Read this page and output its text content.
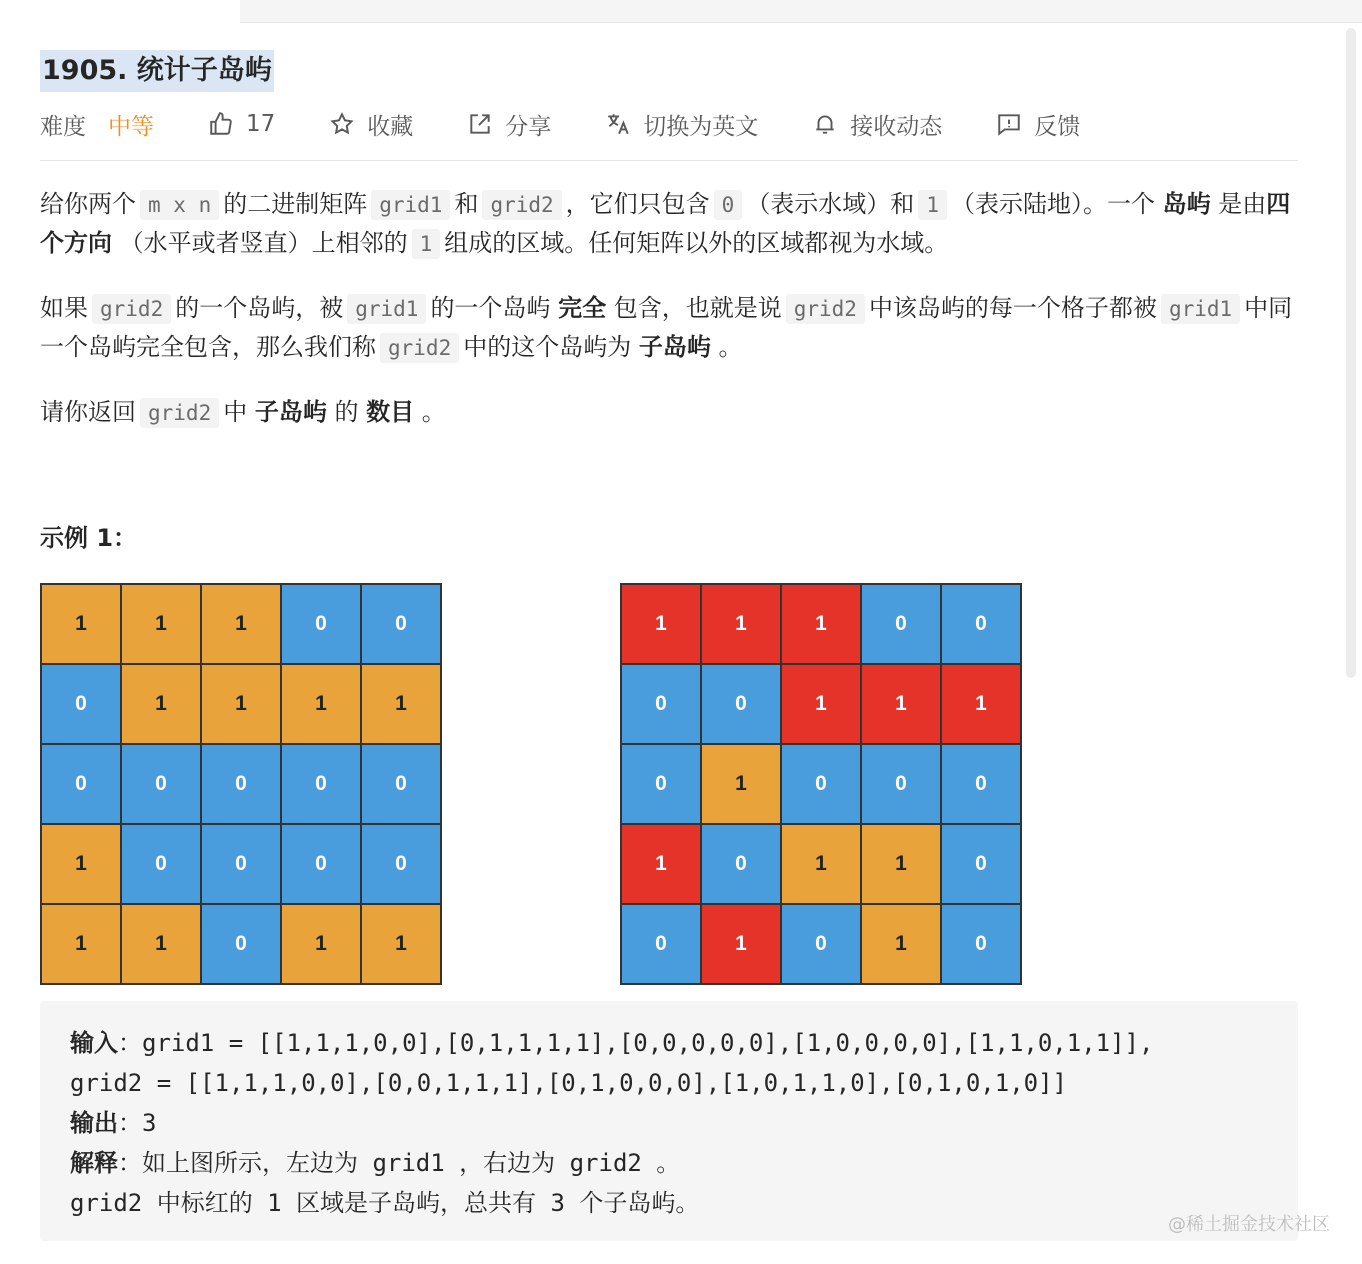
1905. 统计子岛屿
难度 中等	17	收藏	分享	切换为英文	接收动态	反馈

给你两个 m x n 的二进制矩阵 grid1 和 grid2 ，它们只包含 0 （表示水域）和 1 （表示陆地）。一个 岛屿 是由四个方向 （水平或者竖直）上相邻的 1 组成的区域。任何矩阵以外的区域都视为水域。

如果 grid2 的一个岛屿，被 grid1 的一个岛屿 完全 包含，也就是说 grid2 中该岛屿的每一个格子都被 grid1 中同一个岛屿完全包含，那么我们称 grid2 中的这个岛屿为 子岛屿 。

请你返回 grid2 中 子岛屿 的 数目 。

示例 1：
1	1	1	0	0
0	1	1	1	1
0	0	0	0	0
1	0	0	0	0
1	1	0	1	1
1	1	1	0	0
0	0	1	1	1
0	1	0	0	0
1	0	1	1	0
0	1	0	1	0
输入：grid1 = [[1,1,1,0,0],[0,1,1,1,1],[0,0,0,0,0],[1,0,0,0,0],[1,1,0,1,1]],
grid2 = [[1,1,1,0,0],[0,0,1,1,1],[0,1,0,0,0],[1,0,1,1,0],[0,1,0,1,0]]
输出：3
解释：如上图所示，左边为 grid1 ，右边为 grid2 。
grid2 中标红的 1 区域是子岛屿，总共有 3 个子岛屿。
@稀土掘金技术社区
